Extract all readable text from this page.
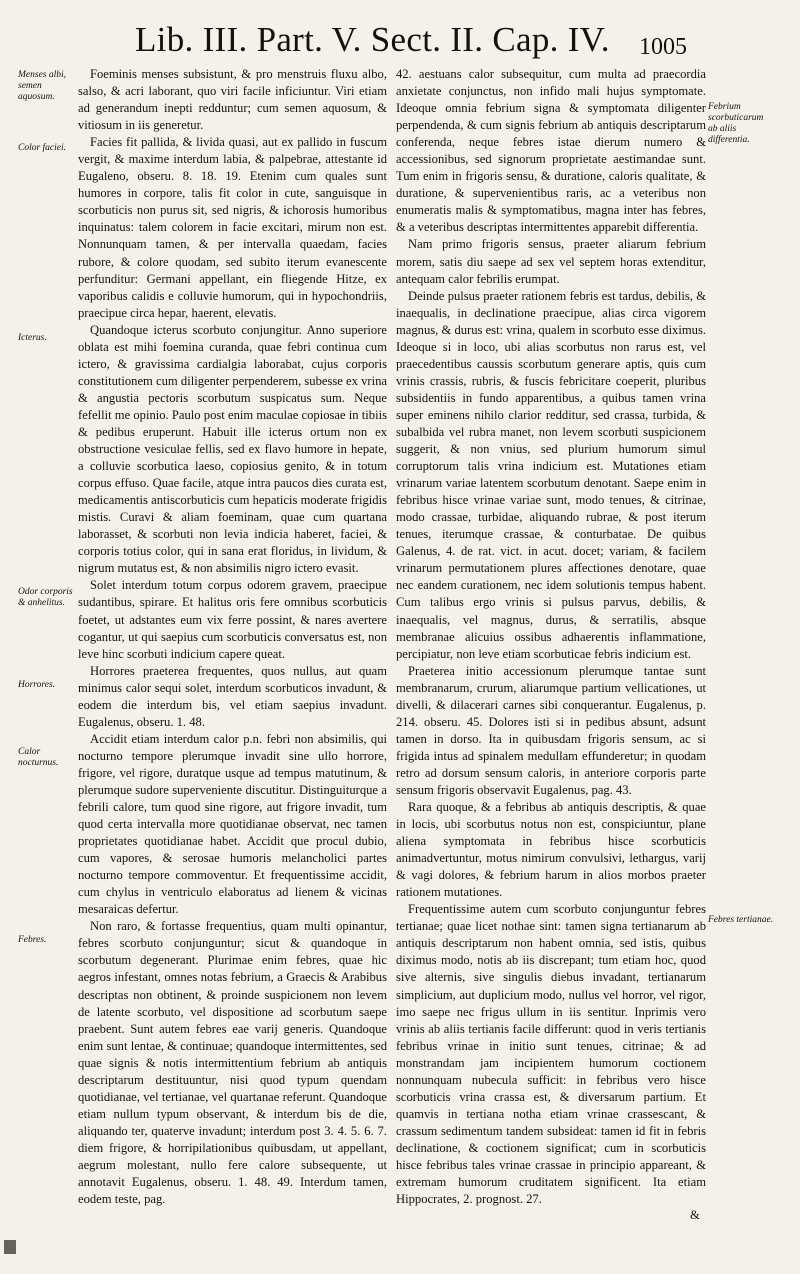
Lib. III. Part. V. Sect. II. Cap. IV. 1005
Menses albi, semen aquosum.
Color faciei.
Icterus.
Odor corporis & anhelitus.
Horrores.
Calor nocturnus.
Febres.
Febrium scorbuticarum ab aliis differentia.
Febres tertianae.

Foeminis menses subsistunt, & pro menstruis fluxu albo, salso, & acri laborant, quo viri facile inficiuntur. Viri etiam ad generandum inepti redduntur; cum semen aquosum, & vitiosum in iis generetur.

Facies fit pallida, & livida quasi, aut ex pallido in fuscum vergit, & maxime interdum labia, & palpebrae, attestante id Eugaleno, obseru. 8. 18. 19. Etenim cum quales sunt humores in corpore, talis fit color in cute, sanguisque in scorbuticis non purus sit, sed nigris, & ichorosis humoribus inquinatus: talem colorem in facie excitari, mirum non est. Nonnunquam tamen, & per intervalla quaedam, facies rubore, & colore quodam, sed subito iterum evanescente perfunditur: Germani appellant, ein fliegende Hitze, ex vaporibus calidis e colluvie humorum, qui in hypochondriis, praecipue circa hepar, haerent, elevatis.

Quandoque icterus scorbuto conjungitur. Anno superiore oblata est mihi foemina curanda, quae febri continua cum ictero, & gravissima cardialgia laborabat, cujus corporis constitutionem cum diligenter perpenderem, subesse ex vrina & angustia pectoris scorbutum suspicatus sum. Neque fefellit me opinio. Paulo post enim maculae copiosae in tibiis & pedibus eruperunt. Habuit ille icterus ortum non ex obstructione vesiculae fellis, sed ex flavo humore in hepate, a colluvie scorbutica laeso, copiosius genito, & in totum corpus effuso. Quae facile, atque intra paucos dies curata est, medicamentis antiscorbuticis cum hepaticis moderate frigidis mistis. Curavi & aliam foeminam, quae cum quartana laborasset, & scorbuti non levia indicia haberet, faciei, & corporis totius color, qui in sana erat floridus, in lividum, & nigrum mutatus est, & non absimilis nigro ictero evasit.

Solet interdum totum corpus odorem gravem, praecipue sudantibus, spirare. Et halitus oris fere omnibus scorbuticis foetet, ut adstantes eum vix ferre possint, & nares avertere cogantur, ut qui saepius cum scorbuticis conversatus est, non leve hinc scorbuti indicium capere queat.

Horrores praeterea frequentes, quos nullus, aut quam minimus calor sequi solet, interdum scorbuticos invadunt, & eodem die interdum bis, vel etiam saepius invadunt. Eugalenus, obseru. 1. 48.

Accidit etiam interdum calor p.n. febri non absimilis, qui nocturno tempore plerumque invadit sine ullo horrore, frigore, vel rigore, duratque usque ad tempus matutinum, & plerumque sudore superveniente discutitur. Distinguiturque a febrili calore, tum quod sine rigore, aut frigore invadit, tum quod certa intervalla more quotidianae observat, nec tamen proprietates quotidianae habet. Accidit que procul dubio, cum vapores, & serosae humoris melancholici partes nocturno tempore commoventur. Et frequentissime accidit, cum chylus in ventriculo elaboratus ad lienem & vicinas mesaraicas defertur.

Non raro, & fortasse frequentius, quam multi opinantur, febres scorbuto conjunguntur; sicut & quandoque in scorbutum degenerant. Plurimae enim febres, quae hic aegros infestant, omnes notas febrium, a Graecis & Arabibus descriptas non obtinent, & proinde suspicionem non levem de latente scorbuto, vel dispositione ad scorbutum saepe praebent. Sunt autem febres eae varij generis. Quandoque enim sunt lentae, & continuae; quandoque intermittentes, sed quae signis & notis intermittentium febrium ab antiquis descriptarum destituuntur, nisi quod typum quendam quotidianae, vel tertianae, vel quartanae referunt. Quandoque etiam nullum typum observant, & interdum bis de die, aliquando ter, quaterve invadunt; interdum post 3. 4. 5. 6. 7. diem frigore, & horripilationibus quibusdam, ut appellant, aegrum molestant, nullo fere calore subsequente, ut annotavit Eugalenus, obseru. 1. 48. 49. Interdum tamen, eodem teste, pag.

42. aestuans calor subsequitur, cum multa ad praecordia anxietate conjunctus, non infido mali hujus symptomate. Ideoque omnia febrium signa & symptomata diligenter perpendenda, & cum signis febrium ab antiquis descriptarum conferenda, neque febres istae dierum numero & accessionibus, sed signorum proprietate aestimandae sunt. Tum enim in frigoris sensu, & duratione, caloris qualitate, & duratione, & supervenientibus raris, ac a veteribus non enumeratis malis & symptomatibus, magna inter has febres, & a veteribus descriptas intermittentes apparebit differentia.

Nam primo frigoris sensus, praeter aliarum febrium morem, satis diu saepe ad sex vel septem horas extenditur, antequam calor febrilis erumpat.

Deinde pulsus praeter rationem febris est tardus, debilis, & inaequalis, in declinatione praecipue, alias circa vigorem magnus, & durus est: vrina, qualem in scorbuto esse diximus. Ideoque si in loco, ubi alias scorbutus non rarus est, vel praecedentibus caussis scorbutum generare aptis, quis cum vrinis crassis, rubris, & fuscis febricitare coeperit, pluribus subsidentiis in fundo apparentibus, a quibus tamen vrina super eminens nihilo clarior redditur, sed crassa, turbida, & subalbida vel rubra manet, non levem scorbuti suspicionem suggerit, & non vnius, sed plurium humorum simul corruptorum talis vrina indicium est. Mutationes etiam vrinarum variae latentem scorbutum denotant. Saepe enim in febribus hisce vrinae variae sunt, modo tenues, & citrinae, modo crassae, turbidae, aliquando rubrae, & post iterum tenues, iterumque crassae, & conturbatae. De quibus Galenus, 4. de rat. vict. in acut. docet; variam, & facilem vrinarum permutationem plures affectiones denotare, quae nec eandem curationem, nec idem solutionis tempus habent. Cum talibus ergo vrinis si pulsus parvus, debilis, & inaequalis, vel magnus, durus, & serratilis, absque membranae alicuius ossibus adhaerentis inflammatione, percipiatur, non leve etiam scorbuticae febris indicium est.

Praeterea initio accessionum plerumque tantae sunt membranarum, crurum, aliarumque partium vellicationes, ut divelli, & dilacerari carnes sibi conquerantur. Eugalenus, p. 214. obseru. 45. Dolores isti si in pedibus absunt, adsunt tamen in dorso. Ita in quibusdam frigoris sensum, ac si frigida intus ad spinalem medullam effunderetur; in quodam retro ad dorsum sensum caloris, in anteriore corporis parte sensum frigoris observavit Eugalenus, pag. 43.

Rara quoque, & a febribus ab antiquis descriptis, & quae in locis, ubi scorbutus notus non est, conspiciuntur, plane aliena symptomata in febribus hisce scorbuticis animadvertuntur, motus nimirum convulsivi, lethargus, varij & vagi dolores, & febrium harum in alios morbos praeter rationem mutationes.

Frequentissime autem cum scorbuto conjunguntur febres tertianae; quae licet nothae sint: tamen signa tertianarum ab antiquis descriptarum non habent omnia, sed istis, quibus diximus modo, notis ab iis discrepant; tum etiam hoc, quod sive alternis, sive singulis diebus invadant, tertianarum simplicium, aut duplicium modo, nullus vel horror, vel rigor, imo saepe nec frigus ullum in iis sentitur. Inprimis vero vrinis ab aliis tertianis facile differunt: quod in veris tertianis febribus vrinae in initio sunt tenues, citrinae; & ad monstrandam jam incipientem humorum coctionem nonnunquam nubecula sufficit: in febribus vero hisce scorbuticis vrina crassa est, & diversarum partium. Et quamvis in tertiana notha etiam vrinae crassescant, & crassum sedimentum tandem subsideat: tamen id fit in febris declinatione, & coctionem significat; cum in scorbuticis hisce febribus tales vrinae crassae in principio appareant, & extremam humorum cruditatem significent. Ita etiam Hippocrates, 2. prognost. 27.

&
